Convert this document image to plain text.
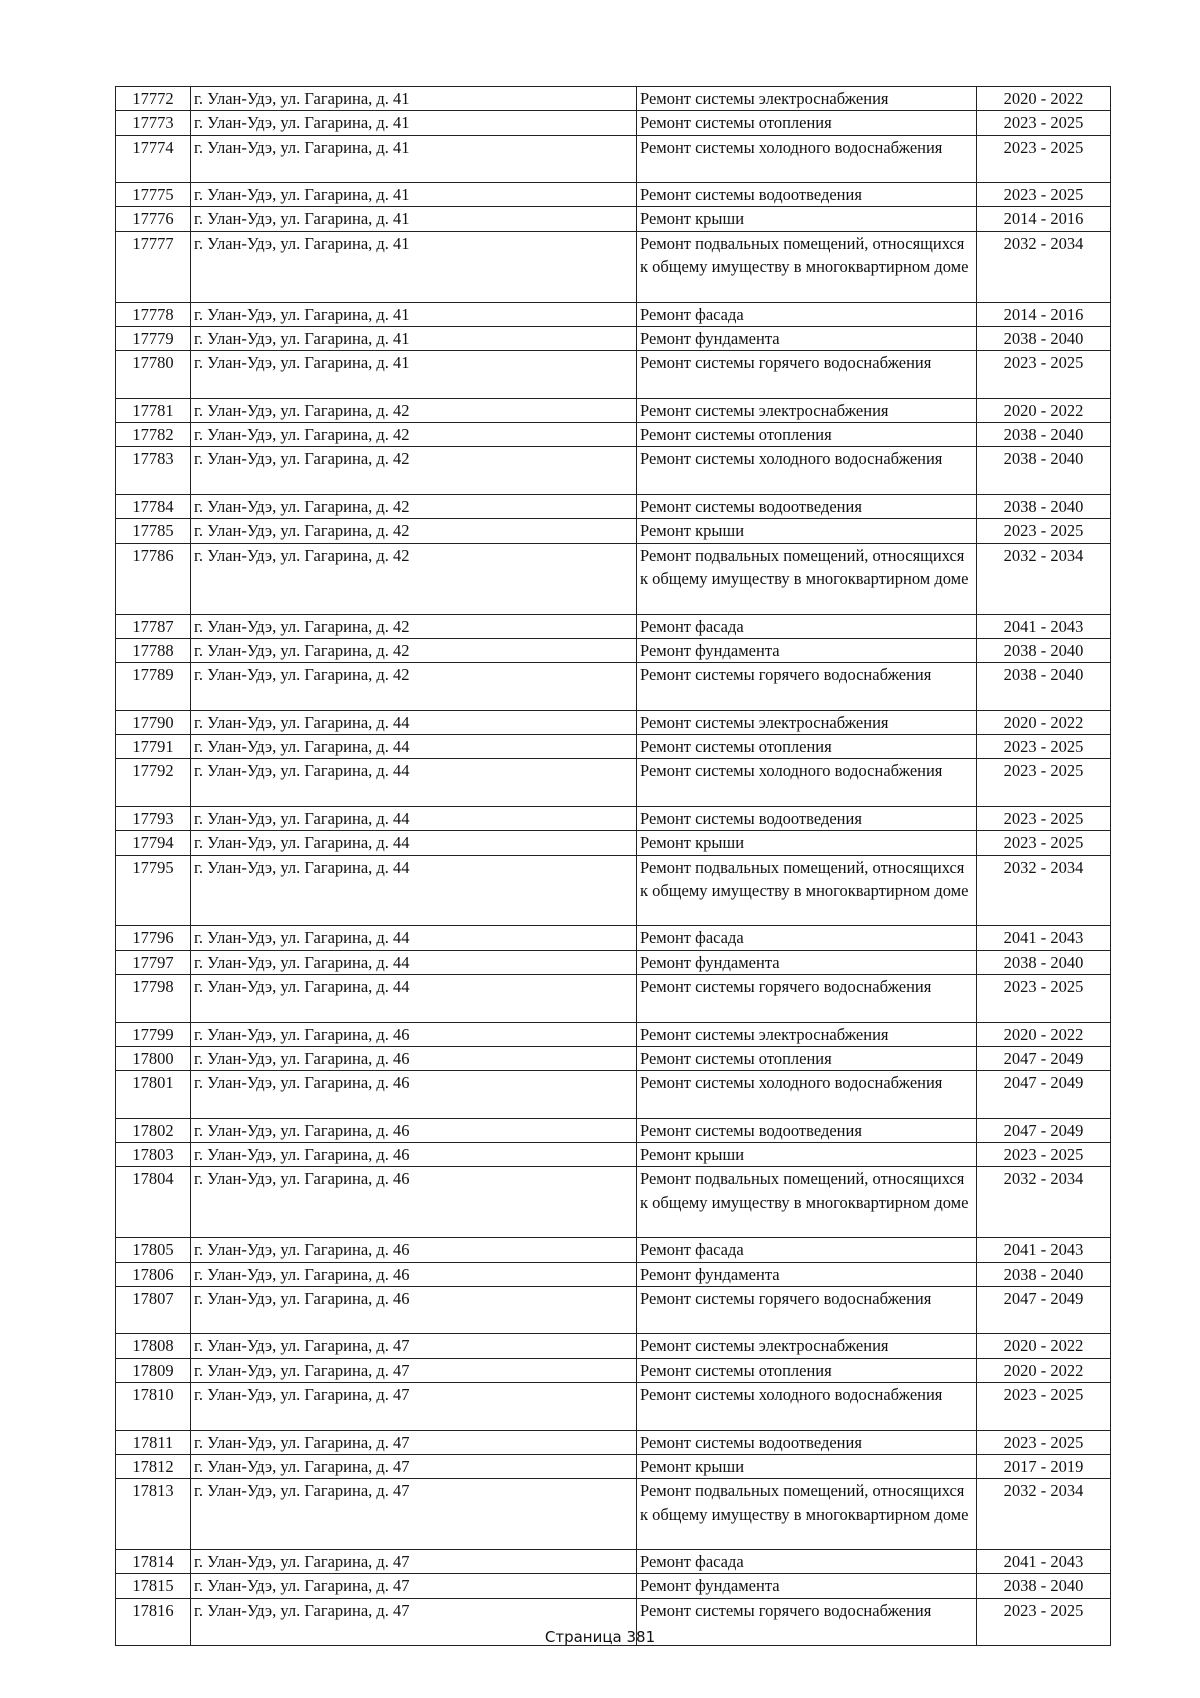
17772	г. Улан-Удэ, ул. Гагарина, д. 41	Ремонт системы электроснабжения	2020 - 2022
17773	г. Улан-Удэ, ул. Гагарина, д. 41	Ремонт системы отопления	2023 - 2025
17774	г. Улан-Удэ, ул. Гагарина, д. 41	Ремонт системы холодного водоснабжения	2023 - 2025
17775	г. Улан-Удэ, ул. Гагарина, д. 41	Ремонт системы водоотведения	2023 - 2025
17776	г. Улан-Удэ, ул. Гагарина, д. 41	Ремонт крыши	2014 - 2016
17777	г. Улан-Удэ, ул. Гагарина, д. 41	Ремонт подвальных помещений, относящихся к общему имуществу в многоквартирном доме	2032 - 2034
17778	г. Улан-Удэ, ул. Гагарина, д. 41	Ремонт фасада	2014 - 2016
17779	г. Улан-Удэ, ул. Гагарина, д. 41	Ремонт фундамента	2038 - 2040
17780	г. Улан-Удэ, ул. Гагарина, д. 41	Ремонт системы горячего водоснабжения	2023 - 2025
17781	г. Улан-Удэ, ул. Гагарина, д. 42	Ремонт системы электроснабжения	2020 - 2022
17782	г. Улан-Удэ, ул. Гагарина, д. 42	Ремонт системы отопления	2038 - 2040
17783	г. Улан-Удэ, ул. Гагарина, д. 42	Ремонт системы холодного водоснабжения	2038 - 2040
17784	г. Улан-Удэ, ул. Гагарина, д. 42	Ремонт системы водоотведения	2038 - 2040
17785	г. Улан-Удэ, ул. Гагарина, д. 42	Ремонт крыши	2023 - 2025
17786	г. Улан-Удэ, ул. Гагарина, д. 42	Ремонт подвальных помещений, относящихся к общему имуществу в многоквартирном доме	2032 - 2034
17787	г. Улан-Удэ, ул. Гагарина, д. 42	Ремонт фасада	2041 - 2043
17788	г. Улан-Удэ, ул. Гагарина, д. 42	Ремонт фундамента	2038 - 2040
17789	г. Улан-Удэ, ул. Гагарина, д. 42	Ремонт системы горячего водоснабжения	2038 - 2040
17790	г. Улан-Удэ, ул. Гагарина, д. 44	Ремонт системы электроснабжения	2020 - 2022
17791	г. Улан-Удэ, ул. Гагарина, д. 44	Ремонт системы отопления	2023 - 2025
17792	г. Улан-Удэ, ул. Гагарина, д. 44	Ремонт системы холодного водоснабжения	2023 - 2025
17793	г. Улан-Удэ, ул. Гагарина, д. 44	Ремонт системы водоотведения	2023 - 2025
17794	г. Улан-Удэ, ул. Гагарина, д. 44	Ремонт крыши	2023 - 2025
17795	г. Улан-Удэ, ул. Гагарина, д. 44	Ремонт подвальных помещений, относящихся к общему имуществу в многоквартирном доме	2032 - 2034
17796	г. Улан-Удэ, ул. Гагарина, д. 44	Ремонт фасада	2041 - 2043
17797	г. Улан-Удэ, ул. Гагарина, д. 44	Ремонт фундамента	2038 - 2040
17798	г. Улан-Удэ, ул. Гагарина, д. 44	Ремонт системы горячего водоснабжения	2023 - 2025
17799	г. Улан-Удэ, ул. Гагарина, д. 46	Ремонт системы электроснабжения	2020 - 2022
17800	г. Улан-Удэ, ул. Гагарина, д. 46	Ремонт системы отопления	2047 - 2049
17801	г. Улан-Удэ, ул. Гагарина, д. 46	Ремонт системы холодного водоснабжения	2047 - 2049
17802	г. Улан-Удэ, ул. Гагарина, д. 46	Ремонт системы водоотведения	2047 - 2049
17803	г. Улан-Удэ, ул. Гагарина, д. 46	Ремонт крыши	2023 - 2025
17804	г. Улан-Удэ, ул. Гагарина, д. 46	Ремонт подвальных помещений, относящихся к общему имуществу в многоквартирном доме	2032 - 2034
17805	г. Улан-Удэ, ул. Гагарина, д. 46	Ремонт фасада	2041 - 2043
17806	г. Улан-Удэ, ул. Гагарина, д. 46	Ремонт фундамента	2038 - 2040
17807	г. Улан-Удэ, ул. Гагарина, д. 46	Ремонт системы горячего водоснабжения	2047 - 2049
17808	г. Улан-Удэ, ул. Гагарина, д. 47	Ремонт системы электроснабжения	2020 - 2022
17809	г. Улан-Удэ, ул. Гагарина, д. 47	Ремонт системы отопления	2020 - 2022
17810	г. Улан-Удэ, ул. Гагарина, д. 47	Ремонт системы холодного водоснабжения	2023 - 2025
17811	г. Улан-Удэ, ул. Гагарина, д. 47	Ремонт системы водоотведения	2023 - 2025
17812	г. Улан-Удэ, ул. Гагарина, д. 47	Ремонт крыши	2017 - 2019
17813	г. Улан-Удэ, ул. Гагарина, д. 47	Ремонт подвальных помещений, относящихся к общему имуществу в многоквартирном доме	2032 - 2034
17814	г. Улан-Удэ, ул. Гагарина, д. 47	Ремонт фасада	2041 - 2043
17815	г. Улан-Удэ, ул. Гагарина, д. 47	Ремонт фундамента	2038 - 2040
17816	г. Улан-Удэ, ул. Гагарина, д. 47	Ремонт системы горячего водоснабжения	2023 - 2025
Страница 381
